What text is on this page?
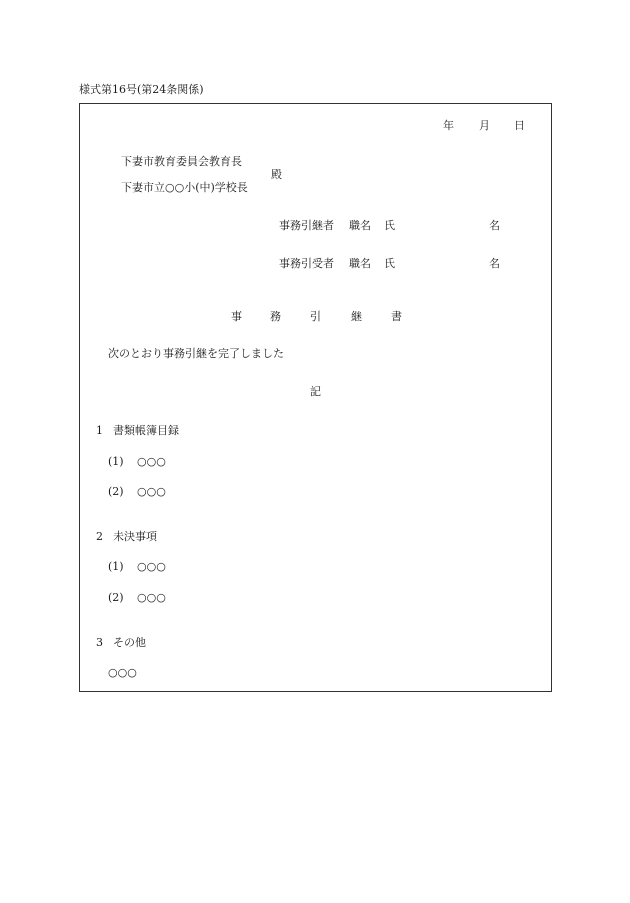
様式第16号(第24条関係)
年 月 日
下妻市教育委員会教育長
殿
下妻市立○○小(中)学校長
事務引継者 職名 氏	名
事務引受者 職名 氏	名
事	務	引	継	書
次のとおり事務引継を完了しました
記
1 書類帳簿目録
(1) ○○○
(2) ○○○
2 未決事項
(1) ○○○
(2) ○○○
3 その他
○○○
